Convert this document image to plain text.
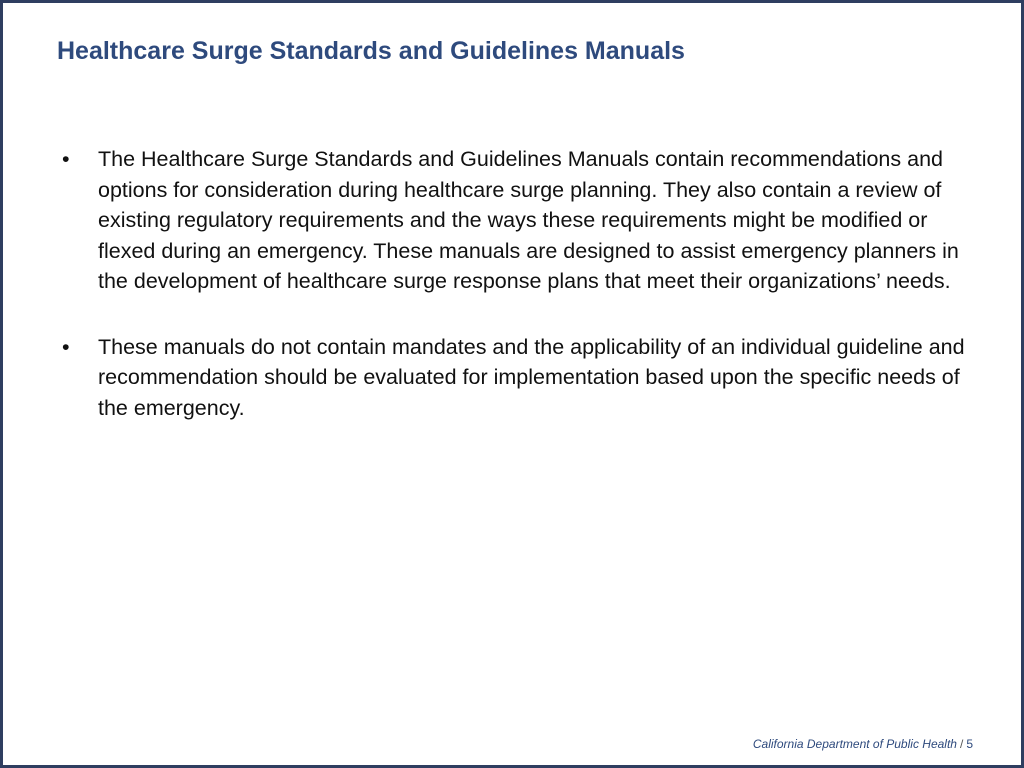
Healthcare Surge Standards and Guidelines Manuals
• The Healthcare Surge Standards and Guidelines Manuals contain recommendations and options for consideration during healthcare surge planning. They also contain a review of existing regulatory requirements and the ways these requirements might be modified or flexed during an emergency. These manuals are designed to assist emergency planners in the development of healthcare surge response plans that meet their organizations’ needs.
• These manuals do not contain mandates and the applicability of an individual guideline and recommendation should be evaluated for implementation based upon the specific needs of the emergency.
California Department of Public Health / 5
